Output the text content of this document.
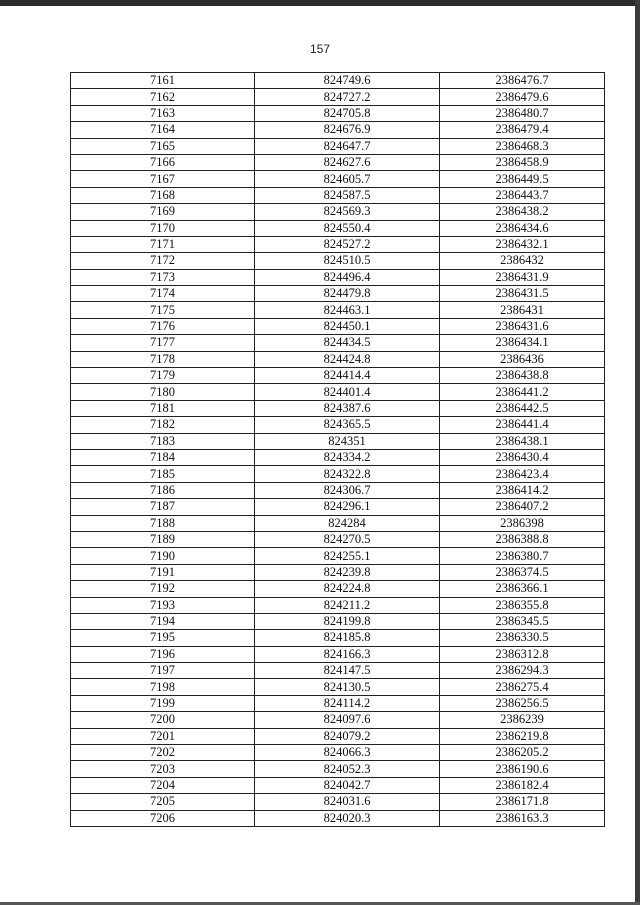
157
7161	824749.6	2386476.7
7162	824727.2	2386479.6
7163	824705.8	2386480.7
7164	824676.9	2386479.4
7165	824647.7	2386468.3
7166	824627.6	2386458.9
7167	824605.7	2386449.5
7168	824587.5	2386443.7
7169	824569.3	2386438.2
7170	824550.4	2386434.6
7171	824527.2	2386432.1
7172	824510.5	2386432
7173	824496.4	2386431.9
7174	824479.8	2386431.5
7175	824463.1	2386431
7176	824450.1	2386431.6
7177	824434.5	2386434.1
7178	824424.8	2386436
7179	824414.4	2386438.8
7180	824401.4	2386441.2
7181	824387.6	2386442.5
7182	824365.5	2386441.4
7183	824351	2386438.1
7184	824334.2	2386430.4
7185	824322.8	2386423.4
7186	824306.7	2386414.2
7187	824296.1	2386407.2
7188	824284	2386398
7189	824270.5	2386388.8
7190	824255.1	2386380.7
7191	824239.8	2386374.5
7192	824224.8	2386366.1
7193	824211.2	2386355.8
7194	824199.8	2386345.5
7195	824185.8	2386330.5
7196	824166.3	2386312.8
7197	824147.5	2386294.3
7198	824130.5	2386275.4
7199	824114.2	2386256.5
7200	824097.6	2386239
7201	824079.2	2386219.8
7202	824066.3	2386205.2
7203	824052.3	2386190.6
7204	824042.7	2386182.4
7205	824031.6	2386171.8
7206	824020.3	2386163.3
